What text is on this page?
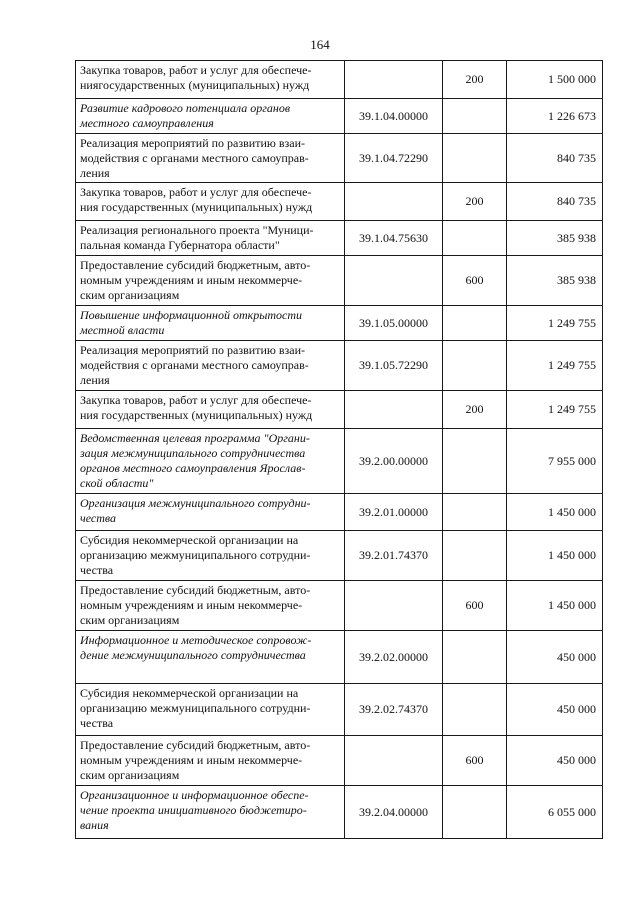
164
Закупка товаров, работ и услуг для обеспече-
ниягосударственных (муниципальных) нужд		200	1 500 000
Развитие кадрового потенциала органов
местного самоуправления	39.1.04.00000		1 226 673
Реализация мероприятий по развитию взаи-
модействия с органами местного самоуправ-
ления	39.1.04.72290		840 735
Закупка товаров, работ и услуг для обеспече-
ния государственных (муниципальных) нужд		200	840 735
Реализация регионального проекта "Муници-
пальная команда Губернатора области"	39.1.04.75630		385 938
Предоставление субсидий бюджетным, авто-
номным учреждениям и иным некоммерче-
ским организациям		600	385 938
Повышение информационной открытости
местной власти	39.1.05.00000		1 249 755
Реализация мероприятий по развитию взаи-
модействия с органами местного самоуправ-
ления	39.1.05.72290		1 249 755
Закупка товаров, работ и услуг для обеспече-
ния государственных (муниципальных) нужд		200	1 249 755
Ведомственная целевая программа "Органи-
зация межмуниципального сотрудничества
органов местного самоуправления Ярослав-
ской области"	39.2.00.00000		7 955 000
Организация межмуниципального сотрудни-
чества	39.2.01.00000		1 450 000
Субсидия некоммерческой организации на
организацию межмуниципального сотрудни-
чества	39.2.01.74370		1 450 000
Предоставление субсидий бюджетным, авто-
номным учреждениям и иным некоммерче-
ским организациям		600	1 450 000
Информационное и методическое сопровож-
дение межмуниципального сотрудничества	39.2.02.00000		450 000
Субсидия некоммерческой организации на
организацию межмуниципального сотрудни-
чества	39.2.02.74370		450 000
Предоставление субсидий бюджетным, авто-
номным учреждениям и иным некоммерче-
ским организациям		600	450 000
Организационное и информационное обеспе-
чение проекта инициативного бюджетиро-
вания	39.2.04.00000		6 055 000
